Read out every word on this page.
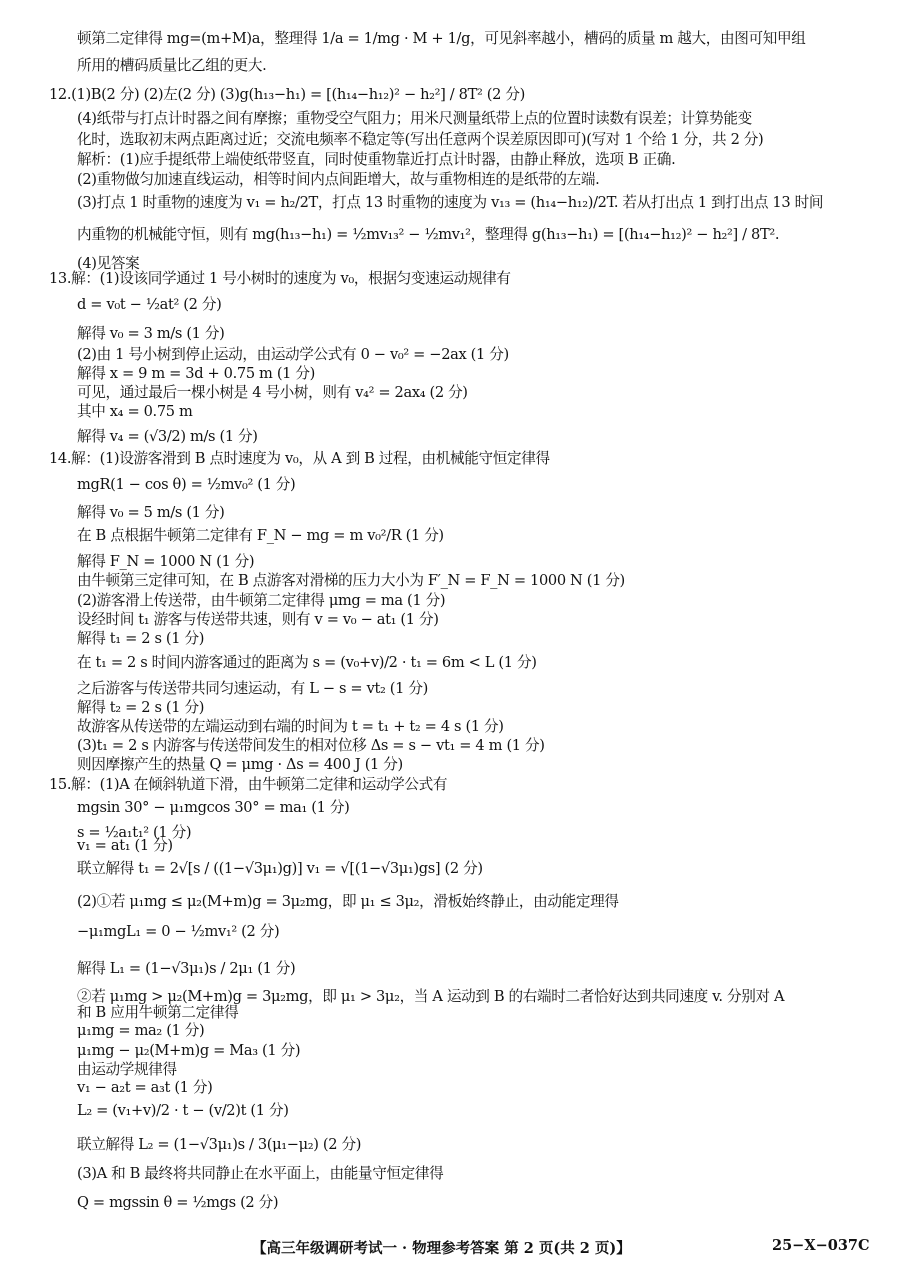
顿第二定律得 mg=(m+M)a，整理得 1/a = 1/mg · M + 1/g，可见斜率越小，槽码的质量 m 越大，由图可知甲组
所用的槽码质量比乙组的更大.
12.(1)B(2 分) (2)左(2 分) (3)g(h₁₃−h₁) = [(h₁₄−h₁₂)² − h₂²] / 8T² (2 分)
(4)纸带与打点计时器之间有摩擦；重物受空气阻力；用米尺测量纸带上点的位置时读数有误差；计算势能变
化时，选取初末两点距离过近；交流电频率不稳定等(写出任意两个误差原因即可)(写对 1 个给 1 分，共 2 分)
解析：(1)应手提纸带上端使纸带竖直，同时使重物靠近打点计时器，由静止释放，选项 B 正确.
(2)重物做匀加速直线运动，相等时间内点间距增大，故与重物相连的是纸带的左端.
(3)打点 1 时重物的速度为 v₁ = h₂/2T，打点 13 时重物的速度为 v₁₃ = (h₁₄−h₁₂)/2T. 若从打出点 1 到打出点 13 时间
内重物的机械能守恒，则有 mg(h₁₃−h₁) = ½mv₁₃² − ½mv₁²，整理得 g(h₁₃−h₁) = [(h₁₄−h₁₂)² − h₂²] / 8T².
(4)见答案
13.解：(1)设该同学通过 1 号小树时的速度为 v₀，根据匀变速运动规律有
d = v₀t − ½at² (2 分)
解得 v₀ = 3 m/s (1 分)
(2)由 1 号小树到停止运动，由运动学公式有 0 − v₀² = −2ax (1 分)
解得 x = 9 m = 3d + 0.75 m (1 分)
可见，通过最后一棵小树是 4 号小树，则有 v₄² = 2ax₄ (2 分)
其中 x₄ = 0.75 m
解得 v₄ = (√3/2) m/s (1 分)
14.解：(1)设游客滑到 B 点时速度为 v₀，从 A 到 B 过程，由机械能守恒定律得
mgR(1 − cos θ) = ½mv₀² (1 分)
解得 v₀ = 5 m/s (1 分)
在 B 点根据牛顿第二定律有 F_N − mg = m v₀²/R (1 分)
解得 F_N = 1000 N (1 分)
由牛顿第三定律可知，在 B 点游客对滑梯的压力大小为 F′_N = F_N = 1000 N (1 分)
(2)游客滑上传送带，由牛顿第二定律得 μmg = ma (1 分)
设经时间 t₁ 游客与传送带共速，则有 v = v₀ − at₁ (1 分)
解得 t₁ = 2 s (1 分)
在 t₁ = 2 s 时间内游客通过的距离为 s = (v₀+v)/2 · t₁ = 6m < L (1 分)
之后游客与传送带共同匀速运动，有 L − s = vt₂ (1 分)
解得 t₂ = 2 s (1 分)
故游客从传送带的左端运动到右端的时间为 t = t₁ + t₂ = 4 s (1 分)
(3)t₁ = 2 s 内游客与传送带间发生的相对位移 Δs = s − vt₁ = 4 m (1 分)
则因摩擦产生的热量 Q = μmg · Δs = 400 J (1 分)
15.解：(1)A 在倾斜轨道下滑，由牛顿第二定律和运动学公式有
mgsin 30° − μ₁mgcos 30° = ma₁ (1 分)
s = ½a₁t₁² (1 分)
v₁ = at₁ (1 分)
联立解得 t₁ = 2√[s / ((1−√3μ₁)g)] v₁ = √[(1−√3μ₁)gs] (2 分)
(2)①若 μ₁mg ≤ μ₂(M+m)g = 3μ₂mg，即 μ₁ ≤ 3μ₂，滑板始终静止，由动能定理得
−μ₁mgL₁ = 0 − ½mv₁² (2 分)
解得 L₁ = (1−√3μ₁)s / 2μ₁ (1 分)
②若 μ₁mg > μ₂(M+m)g = 3μ₂mg，即 μ₁ > 3μ₂，当 A 运动到 B 的右端时二者恰好达到共同速度 v. 分别对 A
和 B 应用牛顿第二定律得
μ₁mg = ma₂ (1 分)
μ₁mg − μ₂(M+m)g = Ma₃ (1 分)
由运动学规律得
v₁ − a₂t = a₃t (1 分)
L₂ = (v₁+v)/2 · t − (v/2)t (1 分)
联立解得 L₂ = (1−√3μ₁)s / 3(μ₁−μ₂) (2 分)
(3)A 和 B 最终将共同静止在水平面上，由能量守恒定律得
Q = mgssin θ = ½mgs (2 分)
【高三年级调研考试一 · 物理参考答案 第 2 页(共 2 页)】	25−X−037C
